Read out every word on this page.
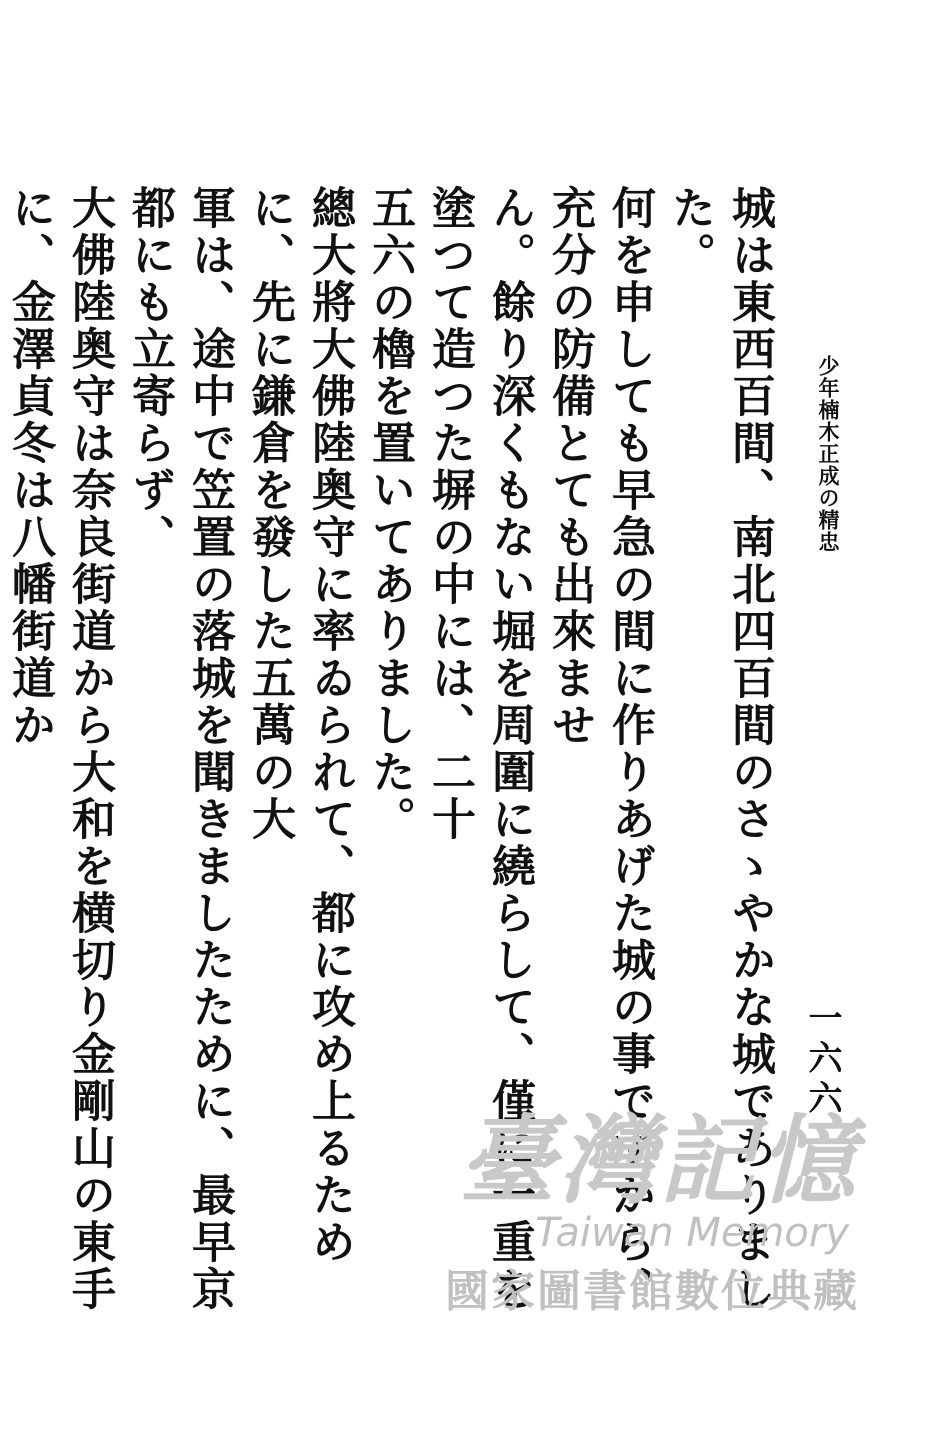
少年楠木正成の精忠
一六六

城は東西百間、南北四百間のさゝやかな城でありました。

何を申しても早急の間に作りあげた城の事ですから、充分の防備とても出來ませ

ん。餘り深くもない堀を周圍に繞らして、僅に一重を塗つて造つた塀の中には、二十

五六の櫓を置いてありました。

總大將大佛陸奥守に率ゐられて、都に攻め上るために、先に鎌倉を發した五萬の大

軍は、途中で笠置の落城を聞きましたために、最早京都にも立寄らず、

大佛陸奥守は奈良街道から大和を横切り金剛山の東手に、金澤貞冬は八幡街道か

臺灣記憶
Taiwan Memory
國家圖書館數位典藏
